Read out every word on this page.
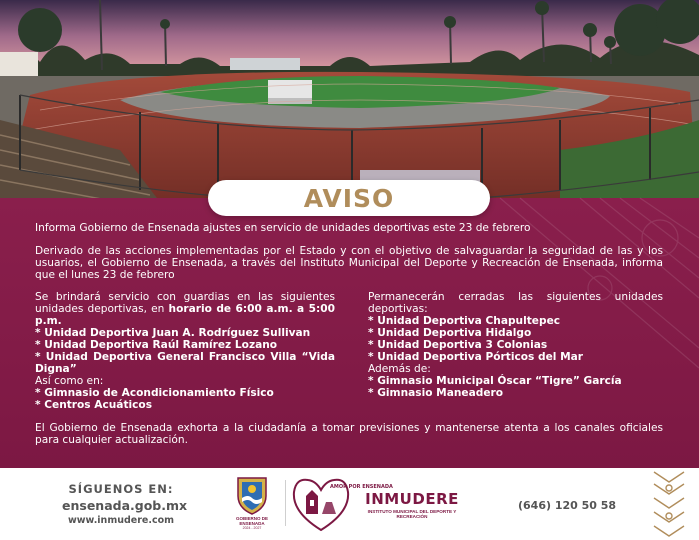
Informa Gobierno de Ensenada ajustes en servicio de unidades deportivas este 23 de febrero

Derivado de las acciones implementadas por el Estado y con el objetivo de salvaguardar la seguridad de las y los usuarios, el Gobierno de Ensenada, a través del Instituto Municipal del Deporte y Recreación de Ensenada, informa que el lunes 23 de febrero

Se brindará servicio con guardias en las siguientes unidades deportivas, en horario de 6:00 a.m. a 5:00 p.m.

* Unidad Deportiva Juan A. Rodríguez Sullivan

* Unidad Deportiva Raúl Ramírez Lozano

* Unidad Deportiva General Francisco Villa “Vida Digna”

Así como en:

* Gimnasio de Acondicionamiento Físico

* Centros Acuáticos

Permanecerán cerradas las siguientes unidades deportivas:

* Unidad Deportiva Chapultepec

* Unidad Deportiva Hidalgo

* Unidad Deportiva 3 Colonias

* Unidad Deportiva Pórticos del Mar

Además de:

* Gimnasio Municipal Óscar “Tigre” García

* Gimnasio Maneadero

El Gobierno de Ensenada exhorta a la ciudadanía a tomar previsiones y mantenerse atenta a los canales oficiales para cualquier actualización.

AVISO
SÍGUENOS EN:
ensenada.gob.mx
www.inmudere.com	GOBIERNO DE ENSENADA
2024 - 2027
AMOR POR ENSENADA
INMUDERE
INSTITUTO MUNICIPAL DEL DEPORTE Y RECREACIÓN
(646) 120 50 58
